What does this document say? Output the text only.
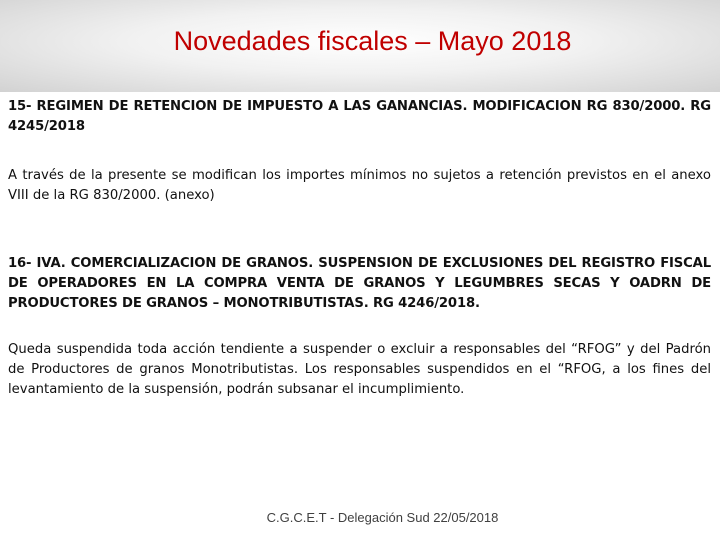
Novedades fiscales – Mayo 2018

15- REGIMEN DE RETENCION DE IMPUESTO A LAS GANANCIAS. MODIFICACION RG 830/2000. RG 4245/2018

A través de la presente se modifican los importes mínimos no sujetos a retención previstos en el anexo VIII de la RG 830/2000. (anexo)

16- IVA. COMERCIALIZACION DE GRANOS. SUSPENSION DE EXCLUSIONES DEL REGISTRO FISCAL DE OPERADORES EN LA COMPRA VENTA DE GRANOS Y LEGUMBRES SECAS Y OADRN DE PRODUCTORES DE GRANOS – MONOTRIBUTISTAS. RG 4246/2018.

Queda suspendida toda acción tendiente a suspender o excluir a responsables del “RFOG” y del Padrón de Productores de granos Monotributistas. Los responsables suspendidos en el “RFOG, a los fines del levantamiento de la suspensión, podrán subsanar el incumplimiento.

C.G.C.E.T - Delegación Sud 22/05/2018
